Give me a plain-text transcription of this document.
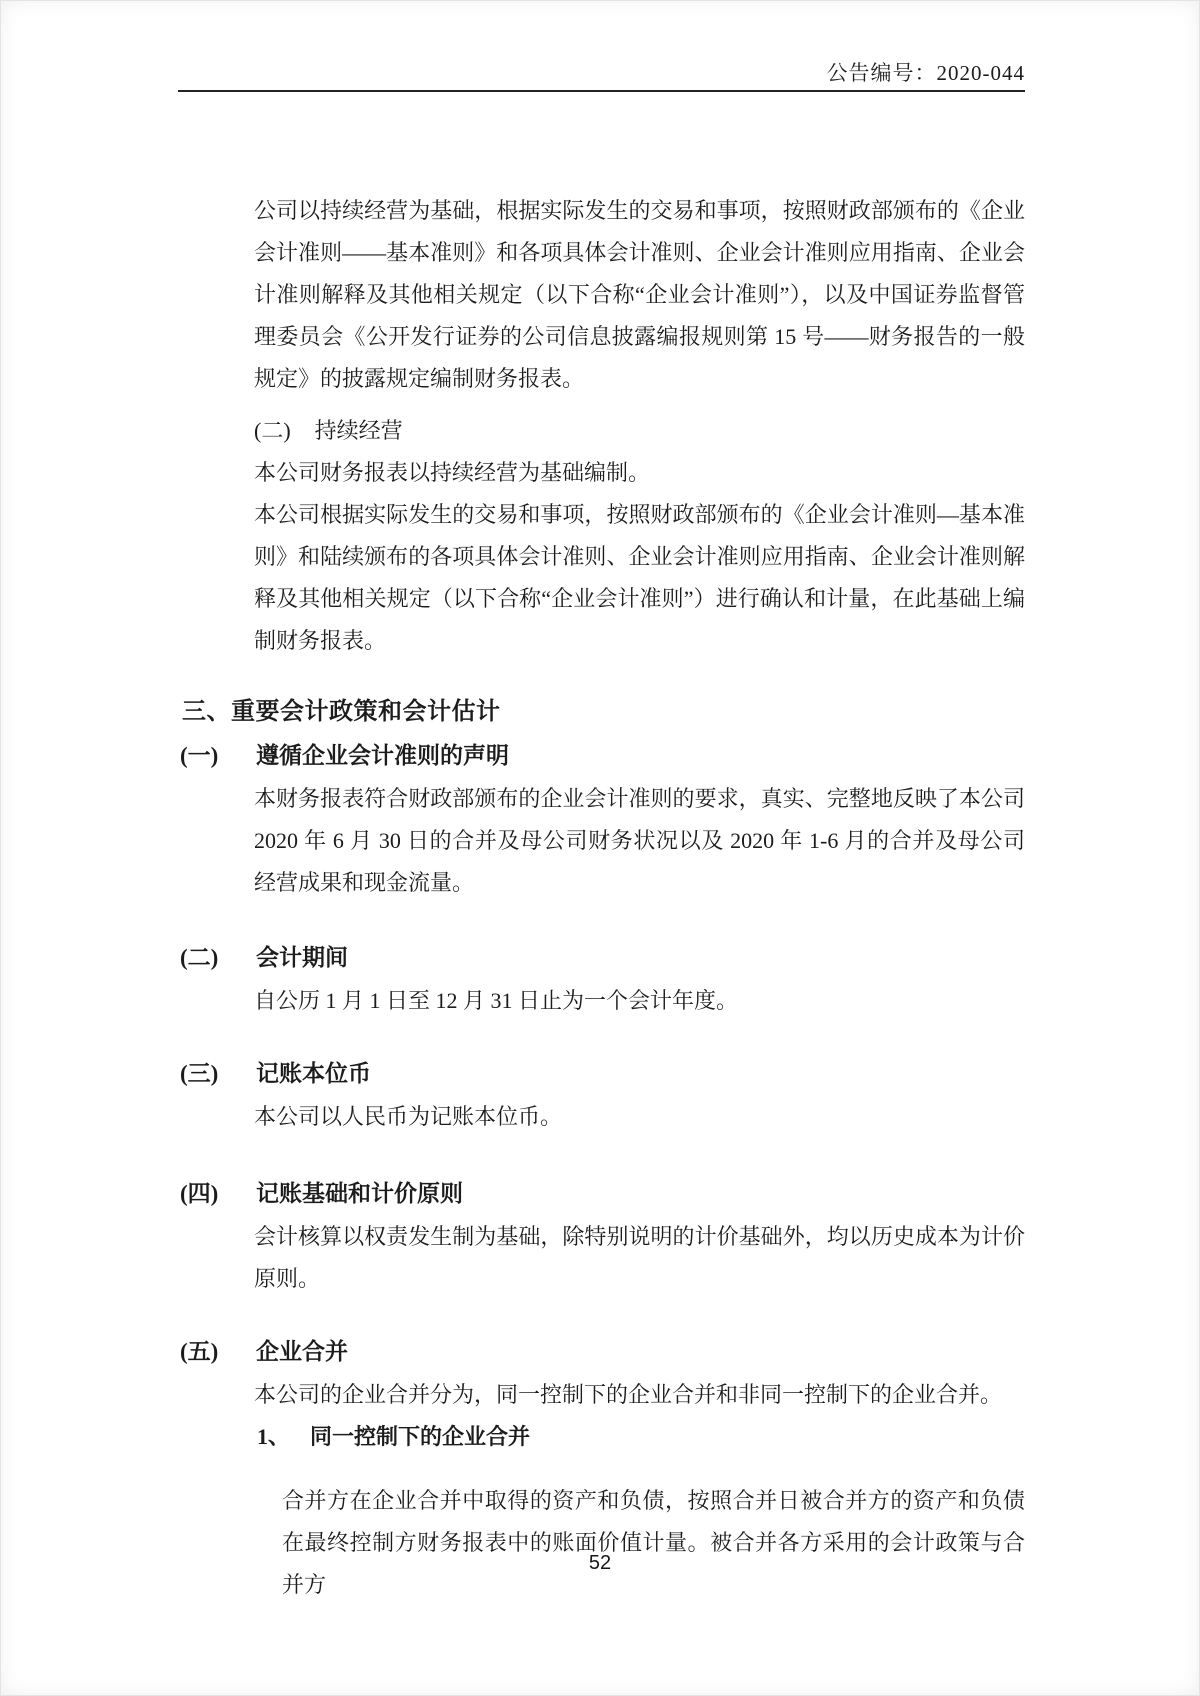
公告编号：2020-044

公司以持续经营为基础，根据实际发生的交易和事项，按照财政部颁布的《企业会计准则——基本准则》和各项具体会计准则、企业会计准则应用指南、企业会计准则解释及其他相关规定（以下合称“企业会计准则”），以及中国证券监督管理委员会《公开发行证券的公司信息披露编报规则第 15 号——财务报告的一般规定》的披露规定编制财务报表。

(二) 持续经营

本公司财务报表以持续经营为基础编制。

本公司根据实际发生的交易和事项，按照财政部颁布的《企业会计准则—基本准则》和陆续颁布的各项具体会计准则、企业会计准则应用指南、企业会计准则解释及其他相关规定（以下合称“企业会计准则”）进行确认和计量，在此基础上编制财务报表。

三、重要会计政策和会计估计
(一)	遵循企业会计准则的声明

本财务报表符合财政部颁布的企业会计准则的要求，真实、完整地反映了本公司 2020 年 6 月 30 日的合并及母公司财务状况以及 2020 年 1-6 月的合并及母公司经营成果和现金流量。

(二)	会计期间

自公历 1 月 1 日至 12 月 31 日止为一个会计年度。

(三)	记账本位币

本公司以人民币为记账本位币。

(四)	记账基础和计价原则

会计核算以权责发生制为基础，除特别说明的计价基础外，均以历史成本为计价原则。

(五)	企业合并

本公司的企业合并分为，同一控制下的企业合并和非同一控制下的企业合并。

1、 同一控制下的企业合并

合并方在企业合并中取得的资产和负债，按照合并日被合并方的资产和负债在最终控制方财务报表中的账面价值计量。被合并各方采用的会计政策与合并方

52
